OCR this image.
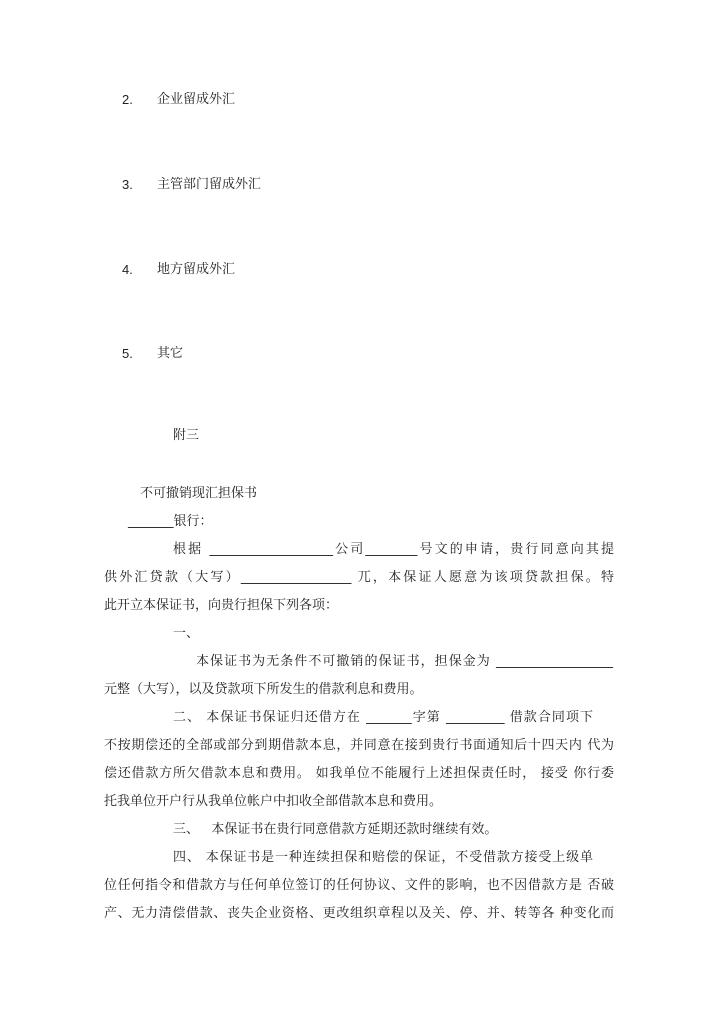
2. 企业留成外汇
3. 主管部门留成外汇
4. 地方留成外汇
5. 其它
附三
不可撤销现汇担保书
_______银行：
根据 ___________________公司________号文的申请，贵行同意向其提
供外汇贷款（大写）_________________ 兀，本保证人愿意为该项贷款担保。特
此开立本保证书，向贵行担保下列各项：
一、
本保证书为无条件不可撤销的保证书，担保金为 __________________
元整（大写），以及贷款项下所发生的借款利息和费用。
二、 本保证书保证归还借方在 _______字第 _________ 借款合同项下
不按期偿还的全部或部分到期借款本息，并同意在接到贵行书面通知后十四天内 代为
偿还借款方所欠借款本息和费用。 如我单位不能履行上述担保责任时， 接受 你行委
托我单位开户行从我单位帐户中扣收全部借款本息和费用。
三、   本保证书在贵行同意借款方延期还款时继续有效。
四、 本保证书是一种连续担保和赔偿的保证，不受借款方接受上级单
位任何指令和借款方与任何单位签订的任何协议、文件的影响，也不因借款方是 否破
产、无力清偿借款、丧失企业资格、更改组织章程以及关、停、并、转等各 种变化而
